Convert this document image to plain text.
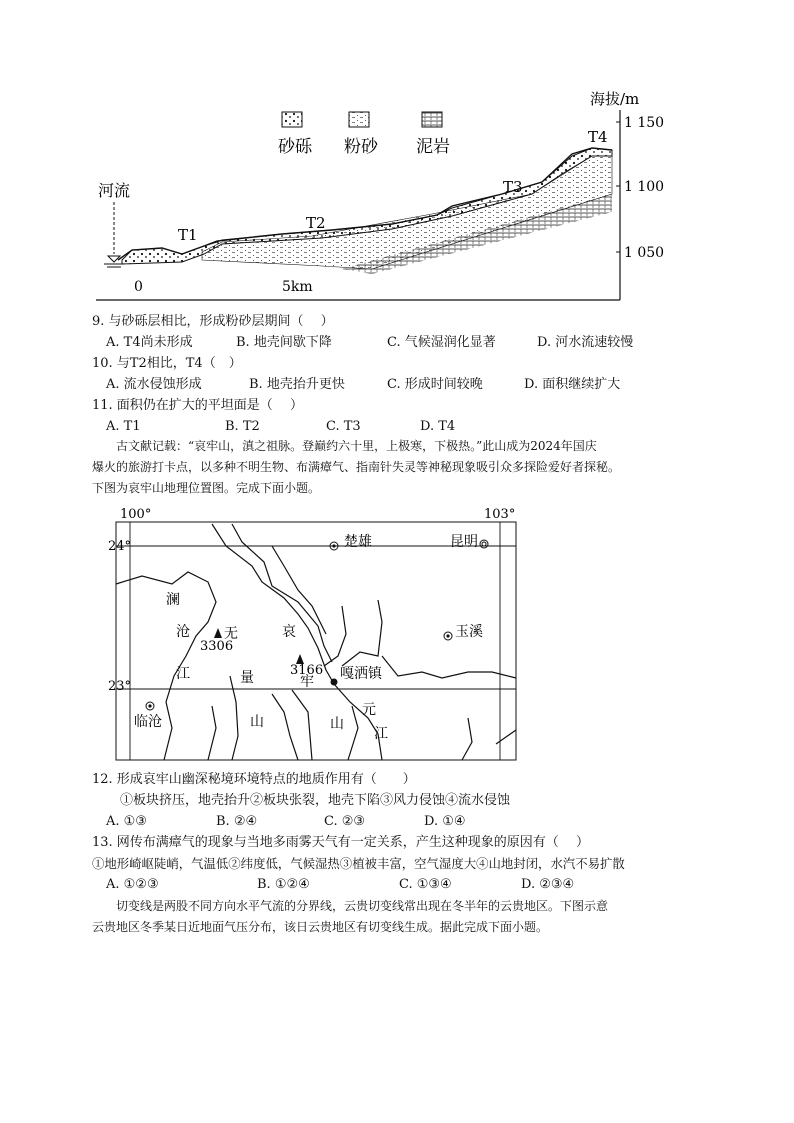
砂砾 粉砂 泥岩
海拔/m
1 150
1 100
1 050
0	5km
河流
T1
T2
T3
T4
9. 与砂砾层相比，形成粉砂层期间（　 ）
A. T4尚未形成	B. 地壳间歇下降	C. 气候湿润化显著	D. 河水流速较慢
10. 与T2相比，T4（　）
A. 流水侵蚀形成	B. 地壳抬升更快	C. 形成时间较晚	D. 面积继续扩大
11. 面积仍在扩大的平坦面是（　 ）
A. T1	B. T2	C. T3	D. T4
古文献记载：“哀牢山，滇之祖脉。登巅约六十里，上极寒，下极热。”此山成为2024年国庆
爆火的旅游打卡点，以多种不明生物、布满瘴气、指南针失灵等神秘现象吸引众多探险爱好者探秘。
下图为哀牢山地理位置图。完成下面小题。
100°	103°
24°
23°
楚雄	昆明
玉溪
临沧
嘎洒镇
3306
3166
澜
沧
江
元
江
无
量
山
哀
牢
山
12. 形成哀牢山幽深秘境环境特点的地质作用有（　　）
①板块挤压，地壳抬升②板块张裂，地壳下陷③风力侵蚀④流水侵蚀
A. ①③	B. ②④	C. ②③	D. ①④
13. 网传布满瘴气的现象与当地多雨雾天气有一定关系，产生这种现象的原因有（　 ）
①地形崎岖陡峭，气温低②纬度低，气候湿热③植被丰富，空气湿度大④山地封闭，水汽不易扩散
A. ①②③	B. ①②④	C. ①③④	D. ②③④
切变线是两股不同方向水平气流的分界线，云贵切变线常出现在冬半年的云贵地区。下图示意
云贵地区冬季某日近地面气压分布，该日云贵地区有切变线生成。据此完成下面小题。
